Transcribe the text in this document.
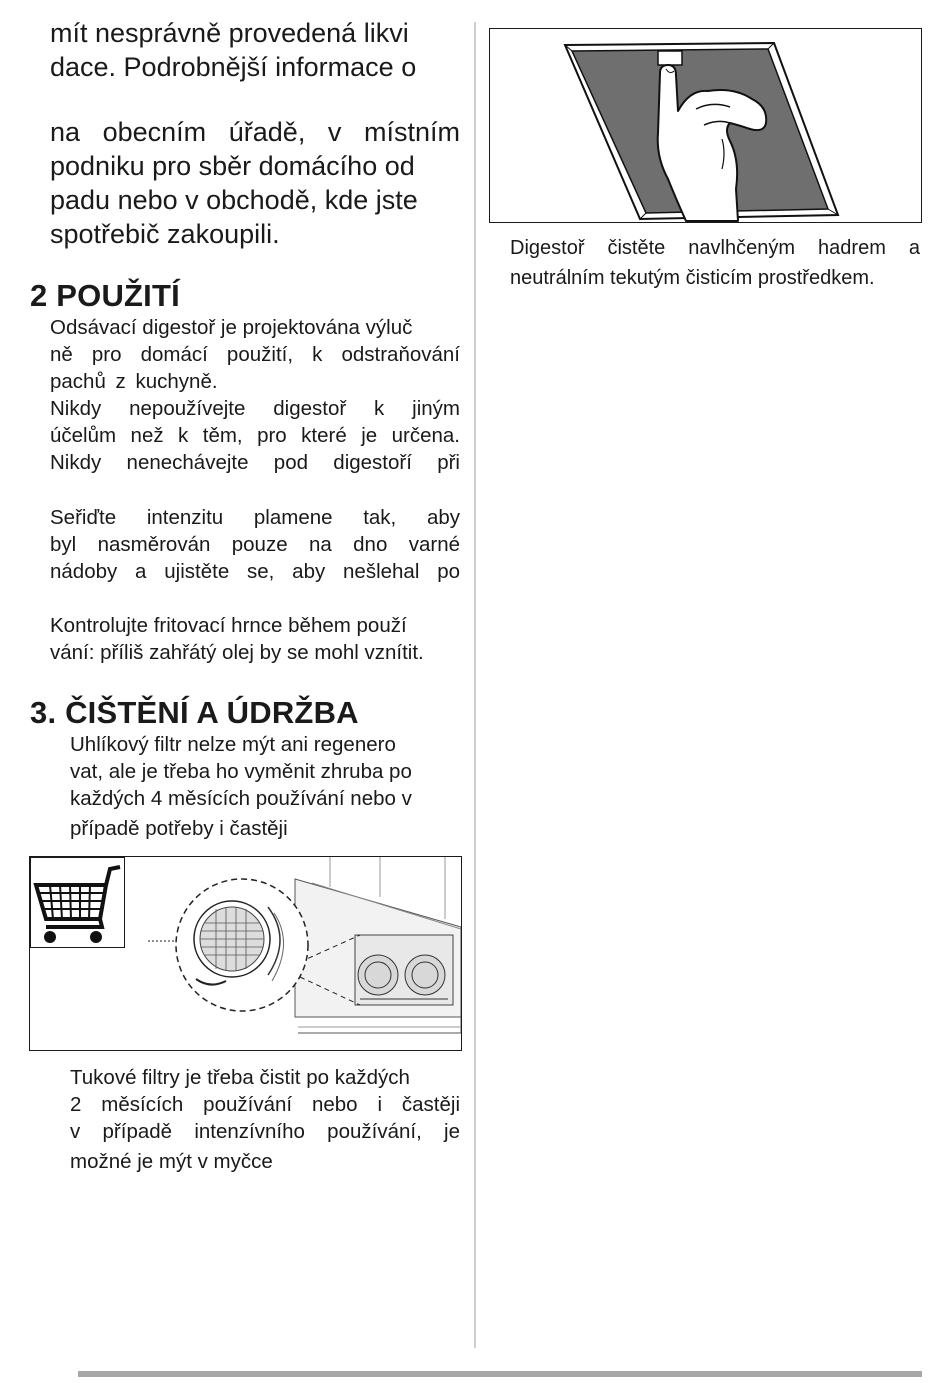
mít nesprávně provedená likvi
dace. Podrobnější informace o
na obecním úřadě, v místním
podniku pro sběr domácího od
padu nebo v obchodě, kde jste
spotřebič zakoupili.
2 POUŽITÍ
Odsávací digestoř je projektována výluč
ně pro domácí použití, k odstraňování
pachů z kuchyně.
Nikdy nepoužívejte digestoř k jiným
účelům než k těm, pro které je určena.
Nikdy nenechávejte pod digestoří při
Seřiďte intenzitu plamene tak, aby
byl nasměrován pouze na dno varné
nádoby a ujistěte se, aby nešlehal po
Kontrolujte fritovací hrnce během použí
vání: příliš zahřátý olej by se mohl vznítit.
3. ČIŠTĚNÍ A ÚDRŽBA
Uhlíkový filtr nelze mýt ani regenero
vat, ale je třeba ho vyměnit zhruba po
každých 4 měsících používání nebo v
případě potřeby i častěji
Tukové filtry je třeba čistit po každých
2 měsících používání nebo i častěji
v případě intenzívního používání, je
možné je mýt v myčce
Digestoř čistěte navlhčeným hadrem a
neutrálním tekutým čisticím prostředkem.
